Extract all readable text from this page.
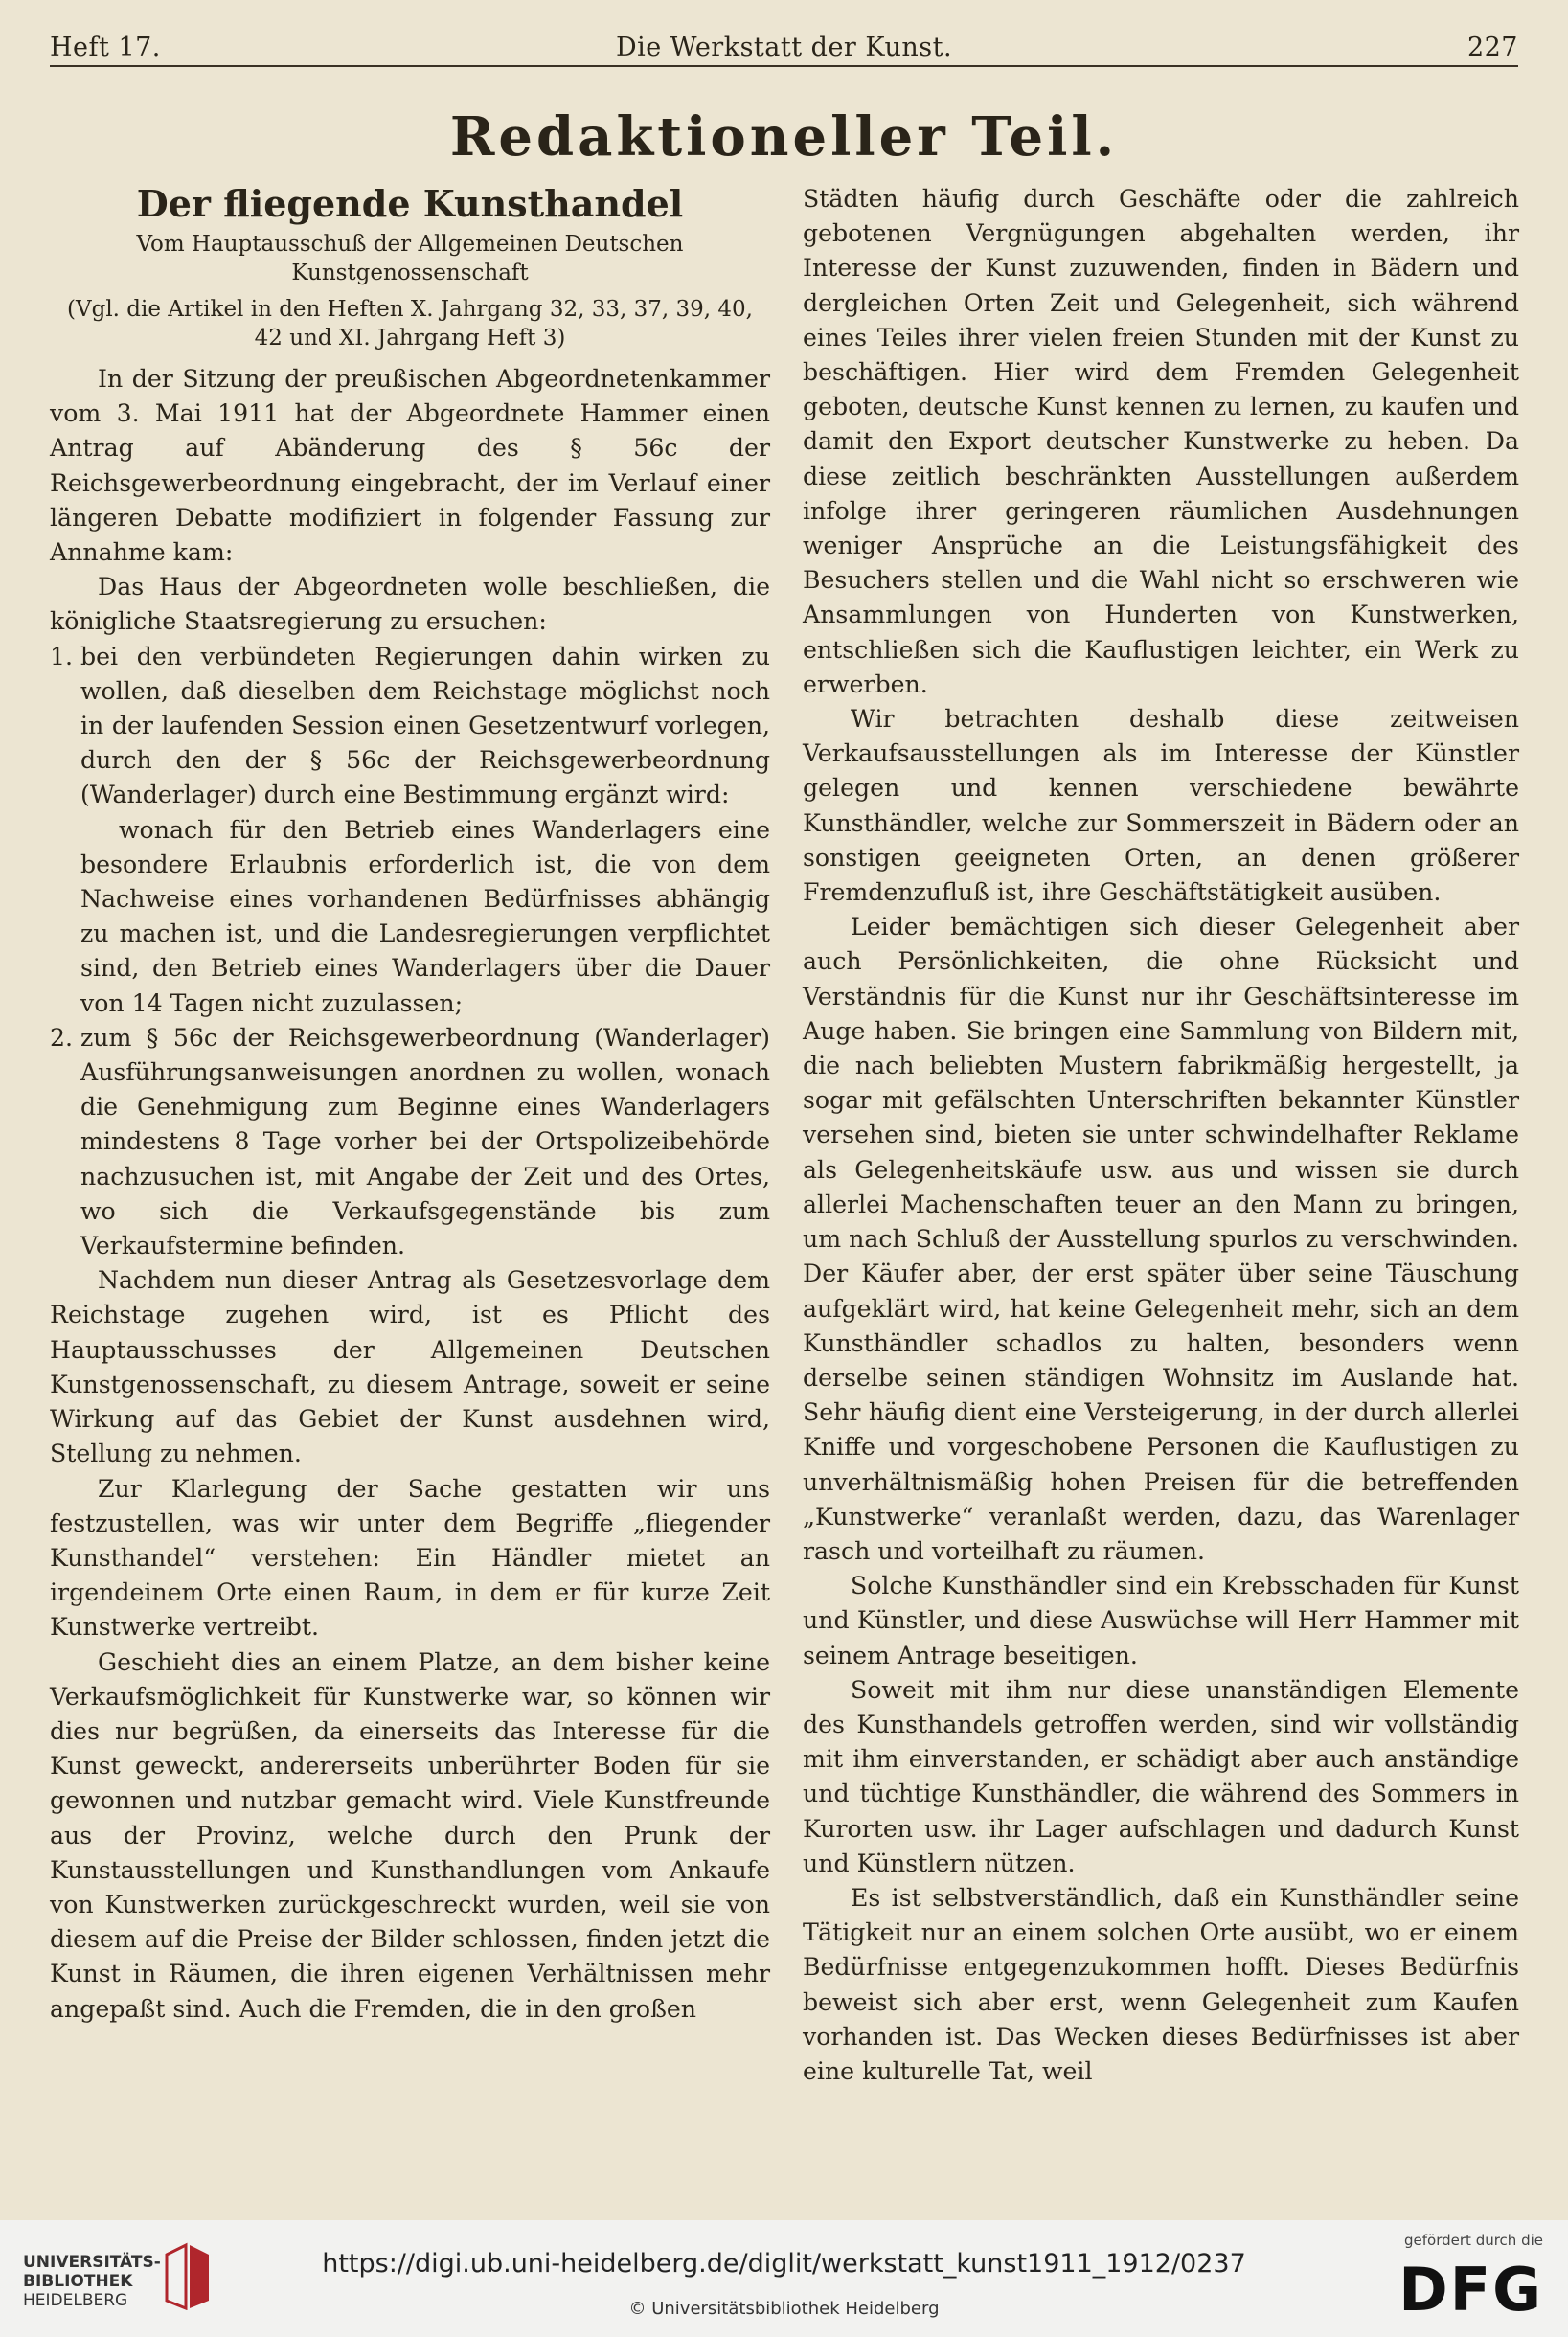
Heft 17.	Die Werkstatt der Kunst.	227
Redaktioneller Teil.
Der fliegende Kunsthandel
Vom Hauptausschuß der Allgemeinen Deutschen Kunstgenossenschaft
(Vgl. die Artikel in den Heften X. Jahrgang 32, 33, 37, 39, 40, 42 und XI. Jahrgang Heft 3)

In der Sitzung der preußischen Abgeordnetenkammer vom 3. Mai 1911 hat der Abgeordnete Hammer einen Antrag auf Abänderung des § 56c der Reichsgewerbeordnung eingebracht, der im Verlauf einer längeren Debatte modifiziert in folgender Fassung zur Annahme kam:

Das Haus der Abgeordneten wolle beschließen, die königliche Staatsregierung zu ersuchen:

1. bei den verbündeten Regierungen dahin wirken zu wollen, daß dieselben dem Reichstage möglichst noch in der laufenden Session einen Gesetzentwurf vorlegen, durch den der § 56c der Reichsgewerbeordnung (Wanderlager) durch eine Bestimmung ergänzt wird:

wonach für den Betrieb eines Wanderlagers eine besondere Erlaubnis erforderlich ist, die von dem Nachweise eines vorhandenen Bedürfnisses abhängig zu machen ist, und die Landesregierungen verpflichtet sind, den Betrieb eines Wanderlagers über die Dauer von 14 Tagen nicht zuzulassen;

2. zum § 56c der Reichsgewerbeordnung (Wanderlager) Ausführungsanweisungen anordnen zu wollen, wonach die Genehmigung zum Beginne eines Wanderlagers mindestens 8 Tage vorher bei der Ortspolizeibehörde nachzusuchen ist, mit Angabe der Zeit und des Ortes, wo sich die Verkaufsgegenstände bis zum Verkaufstermine befinden.

Nachdem nun dieser Antrag als Gesetzesvorlage dem Reichstage zugehen wird, ist es Pflicht des Hauptausschusses der Allgemeinen Deutschen Kunstgenossenschaft, zu diesem Antrage, soweit er seine Wirkung auf das Gebiet der Kunst ausdehnen wird, Stellung zu nehmen.

Zur Klarlegung der Sache gestatten wir uns festzustellen, was wir unter dem Begriffe „fliegender Kunsthandel“ verstehen: Ein Händler mietet an irgendeinem Orte einen Raum, in dem er für kurze Zeit Kunstwerke vertreibt.

Geschieht dies an einem Platze, an dem bisher keine Verkaufsmöglichkeit für Kunstwerke war, so können wir dies nur begrüßen, da einerseits das Interesse für die Kunst geweckt, andererseits unberührter Boden für sie gewonnen und nutzbar gemacht wird. Viele Kunstfreunde aus der Provinz, welche durch den Prunk der Kunstausstellungen und Kunsthandlungen vom Ankaufe von Kunstwerken zurückgeschreckt wurden, weil sie von diesem auf die Preise der Bilder schlossen, finden jetzt die Kunst in Räumen, die ihren eigenen Verhältnissen mehr angepaßt sind. Auch die Fremden, die in den großen

Städten häufig durch Geschäfte oder die zahlreich gebotenen Vergnügungen abgehalten werden, ihr Interesse der Kunst zuzuwenden, finden in Bädern und dergleichen Orten Zeit und Gelegenheit, sich während eines Teiles ihrer vielen freien Stunden mit der Kunst zu beschäftigen. Hier wird dem Fremden Gelegenheit geboten, deutsche Kunst kennen zu lernen, zu kaufen und damit den Export deutscher Kunstwerke zu heben. Da diese zeitlich beschränkten Ausstellungen außerdem infolge ihrer geringeren räumlichen Ausdehnungen weniger Ansprüche an die Leistungsfähigkeit des Besuchers stellen und die Wahl nicht so erschweren wie Ansammlungen von Hunderten von Kunstwerken, entschließen sich die Kauflustigen leichter, ein Werk zu erwerben.

Wir betrachten deshalb diese zeitweisen Verkaufsausstellungen als im Interesse der Künstler gelegen und kennen verschiedene bewährte Kunsthändler, welche zur Sommerszeit in Bädern oder an sonstigen geeigneten Orten, an denen größerer Fremdenzufluß ist, ihre Geschäftstätigkeit ausüben.

Leider bemächtigen sich dieser Gelegenheit aber auch Persönlichkeiten, die ohne Rücksicht und Verständnis für die Kunst nur ihr Geschäftsinteresse im Auge haben. Sie bringen eine Sammlung von Bildern mit, die nach beliebten Mustern fabrikmäßig hergestellt, ja sogar mit gefälschten Unterschriften bekannter Künstler versehen sind, bieten sie unter schwindelhafter Reklame als Gelegenheitskäufe usw. aus und wissen sie durch allerlei Machenschaften teuer an den Mann zu bringen, um nach Schluß der Ausstellung spurlos zu verschwinden. Der Käufer aber, der erst später über seine Täuschung aufgeklärt wird, hat keine Gelegenheit mehr, sich an dem Kunsthändler schadlos zu halten, besonders wenn derselbe seinen ständigen Wohnsitz im Auslande hat. Sehr häufig dient eine Versteigerung, in der durch allerlei Kniffe und vorgeschobene Personen die Kauflustigen zu unverhältnismäßig hohen Preisen für die betreffenden „Kunstwerke“ veranlaßt werden, dazu, das Warenlager rasch und vorteilhaft zu räumen.

Solche Kunsthändler sind ein Krebsschaden für Kunst und Künstler, und diese Auswüchse will Herr Hammer mit seinem Antrage beseitigen.

Soweit mit ihm nur diese unanständigen Elemente des Kunsthandels getroffen werden, sind wir vollständig mit ihm einverstanden, er schädigt aber auch anständige und tüchtige Kunsthändler, die während des Sommers in Kurorten usw. ihr Lager aufschlagen und dadurch Kunst und Künstlern nützen.

Es ist selbstverständlich, daß ein Kunsthändler seine Tätigkeit nur an einem solchen Orte ausübt, wo er einem Bedürfnisse entgegenzukommen hofft. Dieses Bedürfnis beweist sich aber erst, wenn Gelegenheit zum Kaufen vorhanden ist. Das Wecken dieses Bedürfnisses ist aber eine kulturelle Tat, weil

UNIVERSITÄTS-
BIBLIOTHEK
HEIDELBERG
https://digi.ub.uni-heidelberg.de/diglit/werkstatt_kunst1911_1912/0237
© Universitätsbibliothek Heidelberg
gefördert durch die
DFG
